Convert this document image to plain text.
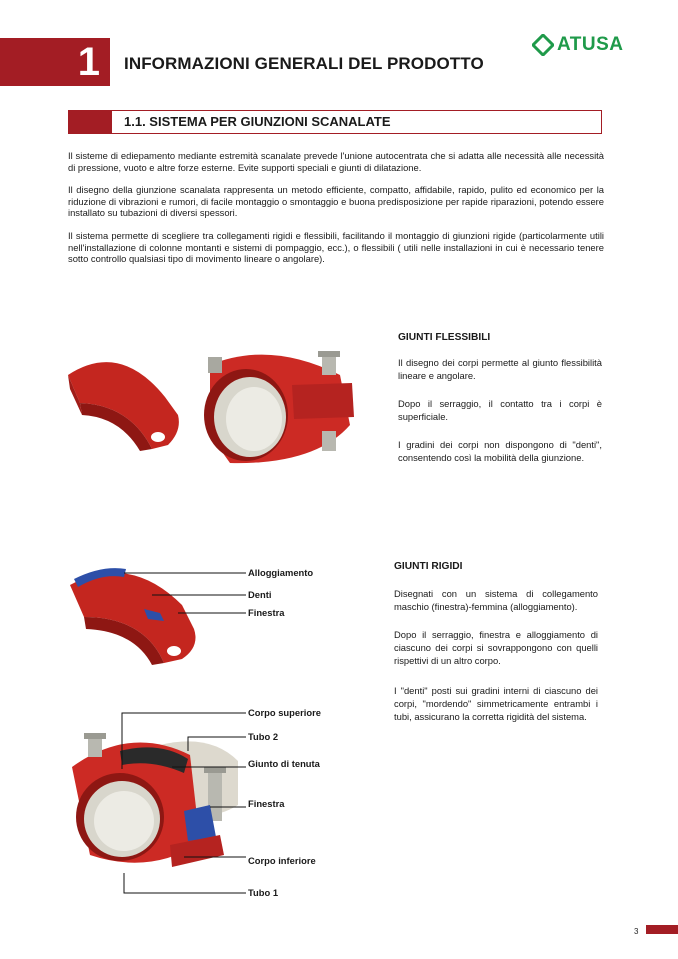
1 INFORMAZIONI GENERALI DEL PRODOTTO
ATUSA
1.1. SISTEMA PER GIUNZIONI SCANALATE
Il sisteme di ediepamento mediante estremità scanalate prevede l'unione autocentrata che si adatta alle necessità alle necessità di pressione, vuoto e altre forze esterne. Evite supporti speciali e giunti di dilatazione.
Il disegno della giunzione scanalata rappresenta un metodo efficiente, compatto, affidabile, rapido, pulito ed economico per la riduzione di vibrazioni e rumori, di facile montaggio o smontaggio e buona predisposizione per rapide riparazioni, potendo essere installato su tubazioni di diversi spessori.
Il sistema permette di scegliere tra collegamenti rigidi e flessibili, facilitando il montaggio di giunzioni rigide (particolarmente utili nell'installazione di colonne montanti e sistemi di pompaggio, ecc.), o flessibili ( utili nelle installazioni in cui è necessario tenere sotto controllo qualsiasi tipo di movimento lineare o angolare).
GIUNTI FLESSIBILI
Il disegno dei corpi permette al giunto flessibilità lineare e angolare.
Dopo il serraggio, il contatto tra i corpi è superficiale.
I gradini dei corpi non dispongono di "denti", consentendo così la mobilità della giunzione.
Alloggiamento
Denti
Finestra
Corpo superiore
Tubo 2
Giunto di tenuta
Finestra
Corpo inferiore
Tubo 1
GIUNTI RIGIDI
Disegnati con un sistema di collegamento maschio (finestra)-femmina (alloggiamento).
Dopo il serraggio, finestra e alloggiamento di ciascuno dei corpi si sovrappongono con quelli rispettivi di un altro corpo.
I "denti" posti sui gradini interni di ciascuno dei corpi, "mordendo" simmetricamente entrambi i tubi, assicurano la corretta rigidità del sistema.
3
